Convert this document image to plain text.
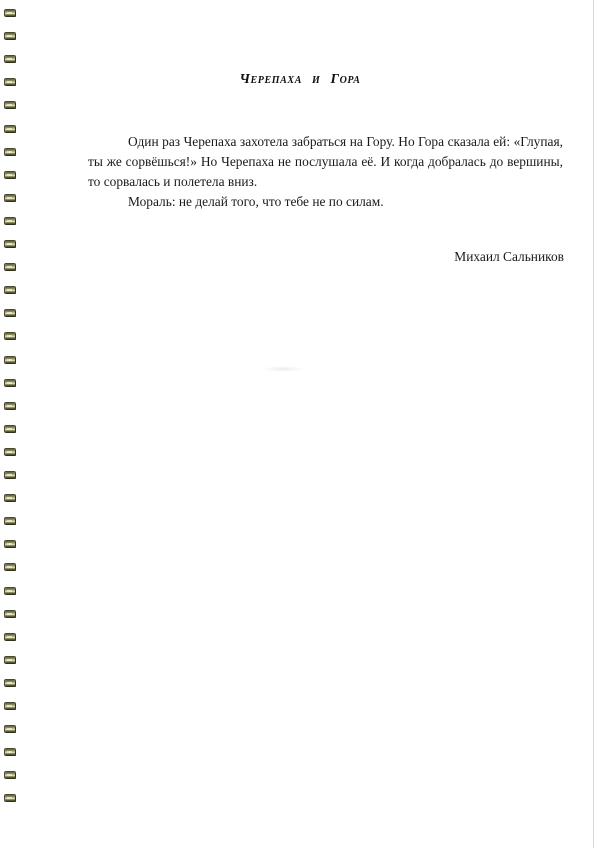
Черепаха и Гора

Один раз Черепаха захотела забраться на Гору. Но Гора сказала ей: «Глупая, ты же сорвёшься!» Но Черепаха не послушала её. И когда добралась до вершины, то сорвалась и полетела вниз.

Мораль: не делай того, что тебе не по силам.

Михаил Сальников
